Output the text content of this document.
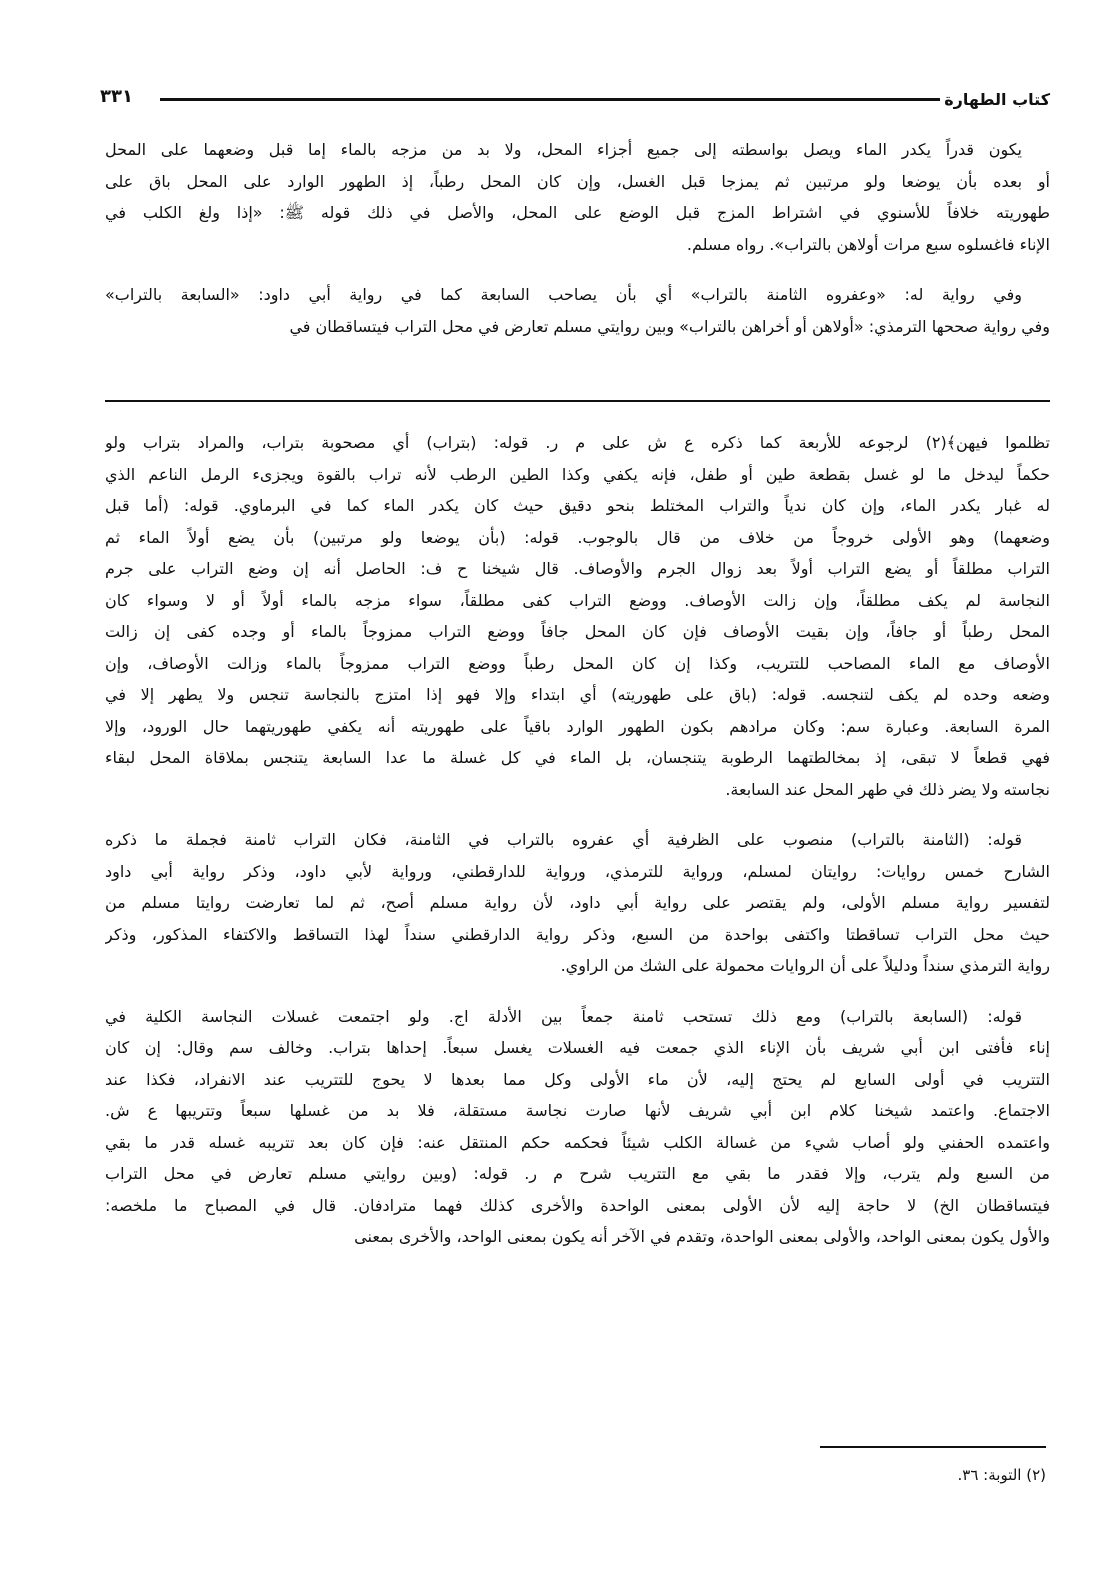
كتاب الطهارة
٣٣١
يكون قدراً يكدر الماء ويصل بواسطته إلى جميع أجزاء المحل، ولا بد من مزجه بالماء إما قبل وضعهما على المحل
أو بعده بأن يوضعا ولو مرتبين ثم يمزجا قبل الغسل، وإن كان المحل رطباً، إذ الطهور الوارد على المحل باق على
طهوريته خلافاً للأسنوي في اشتراط المزج قبل الوضع على المحل، والأصل في ذلك قوله ﷺ: «إذا ولغ الكلب في
الإناء فاغسلوه سبع مرات أولاهن بالتراب». رواه مسلم.
وفي رواية له: «وعفروه الثامنة بالتراب» أي بأن يصاحب السابعة كما في رواية أبي داود: «السابعة بالتراب»
وفي رواية صححها الترمذي: «أولاهن أو أخراهن بالتراب» وبين روايتي مسلم تعارض في محل التراب فيتساقطان في
تظلموا فيهن﴾(٢) لرجوعه للأربعة كما ذكره ع ش على م ر. قوله: (بتراب) أي مصحوبة بتراب، والمراد بتراب ولو
حكماً ليدخل ما لو غسل بقطعة طين أو طفل، فإنه يكفي وكذا الطين الرطب لأنه تراب بالقوة ويجزىء الرمل الناعم الذي
له غبار يكدر الماء، وإن كان ندياً والتراب المختلط بنحو دقيق حيث كان يكدر الماء كما في البرماوي. قوله: (أما قبل
وضعهما) وهو الأولى خروجاً من خلاف من قال بالوجوب. قوله: (بأن يوضعا ولو مرتبين) بأن يضع أولاً الماء ثم
التراب مطلقاً أو يضع التراب أولاً بعد زوال الجرم والأوصاف. قال شيخنا ح ف: الحاصل أنه إن وضع التراب على جرم
النجاسة لم يكف مطلقاً، وإن زالت الأوصاف. ووضع التراب كفى مطلقاً، سواء مزجه بالماء أولاً أو لا وسواء كان
المحل رطباً أو جافاً، وإن بقيت الأوصاف فإن كان المحل جافاً ووضع التراب ممزوجاً بالماء أو وجده كفى إن زالت
الأوصاف مع الماء المصاحب للتتريب، وكذا إن كان المحل رطباً ووضع التراب ممزوجاً بالماء وزالت الأوصاف، وإن
وضعه وحده لم يكف لتنجسه. قوله: (باق على طهوريته) أي ابتداء وإلا فهو إذا امتزج بالنجاسة تنجس ولا يطهر إلا في
المرة السابعة. وعبارة سم: وكان مرادهم بكون الطهور الوارد باقياً على طهوريته أنه يكفي طهوريتهما حال الورود، وإلا
فهي قطعاً لا تبقى، إذ بمخالطتهما الرطوبة يتنجسان، بل الماء في كل غسلة ما عدا السابعة يتنجس بملاقاة المحل لبقاء
نجاسته ولا يضر ذلك في طهر المحل عند السابعة.
قوله: (الثامنة بالتراب) منصوب على الظرفية أي عفروه بالتراب في الثامنة، فكان التراب ثامنة فجملة ما ذكره
الشارح خمس روايات: روايتان لمسلم، ورواية للترمذي، ورواية للدارقطني، ورواية لأبي داود، وذكر رواية أبي داود
لتفسير رواية مسلم الأولى، ولم يقتصر على رواية أبي داود، لأن رواية مسلم أصح، ثم لما تعارضت روايتا مسلم من
حيث محل التراب تساقطتا واكتفى بواحدة من السبع، وذكر رواية الدارقطني سنداً لهذا التساقط والاكتفاء المذكور، وذكر
رواية الترمذي سنداً ودليلاً على أن الروايات محمولة على الشك من الراوي.
قوله: (السابعة بالتراب) ومع ذلك تستحب ثامنة جمعاً بين الأدلة اج. ولو اجتمعت غسلات النجاسة الكلية في
إناء فأفتى ابن أبي شريف بأن الإناء الذي جمعت فيه الغسلات يغسل سبعاً. إحداها بتراب. وخالف سم وقال: إن كان
التتريب في أولى السابع لم يحتج إليه، لأن ماء الأولى وكل مما بعدها لا يحوج للتتريب عند الانفراد، فكذا عند
الاجتماع. واعتمد شيخنا كلام ابن أبي شريف لأنها صارت نجاسة مستقلة، فلا بد من غسلها سبعاً وتتريبها ع ش.
واعتمده الحفني ولو أصاب شيء من غسالة الكلب شيئاً فحكمه حكم المنتقل عنه: فإن كان بعد تتريبه غسله قدر ما بقي
من السبع ولم يترب، وإلا فقدر ما بقي مع التتريب شرح م ر. قوله: (وبين روايتي مسلم تعارض في محل التراب
فيتساقطان الخ) لا حاجة إليه لأن الأولى بمعنى الواحدة والأخرى كذلك فهما مترادفان. قال في المصباح ما ملخصه:
والأول يكون بمعنى الواحد، والأولى بمعنى الواحدة، وتقدم في الآخر أنه يكون بمعنى الواحد، والأخرى بمعنى
(٢) التوبة: ٣٦.
